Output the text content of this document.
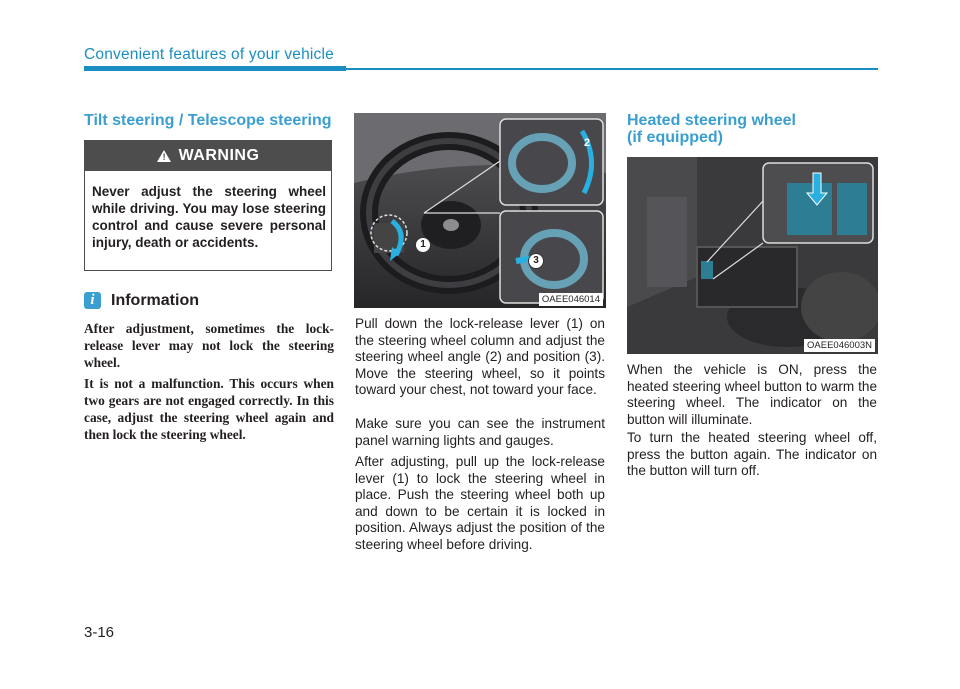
Convenient features of your vehicle
Tilt steering / Telescope steering
! WARNING
Never adjust the steering wheel while driving. You may lose steering control and cause severe personal injury, death or accidents.
i	Information
After adjustment, sometimes the lock-release lever may not lock the steering wheel.
It is not a malfunction. This occurs when two gears are not engaged correctly. In this case, adjust the steering wheel again and then lock the steering wheel.
1
2
3
OAEE046014
Pull down the lock-release lever (1) on the steering wheel column and adjust the steering wheel angle (2) and position (3). Move the steering wheel, so it points toward your chest, not toward your face.
Make sure you can see the instrument panel warning lights and gauges.
After adjusting, pull up the lock-release lever (1) to lock the steering wheel in place. Push the steering wheel both up and down to be certain it is locked in position. Always adjust the position of the steering wheel before driving.
Heated steering wheel
(if equipped)
OAEE046003N
When the vehicle is ON, press the heated steering wheel button to warm the steering wheel. The indicator on the button will illuminate.
To turn the heated steering wheel off, press the button again. The indicator on the button will turn off.
3-16
